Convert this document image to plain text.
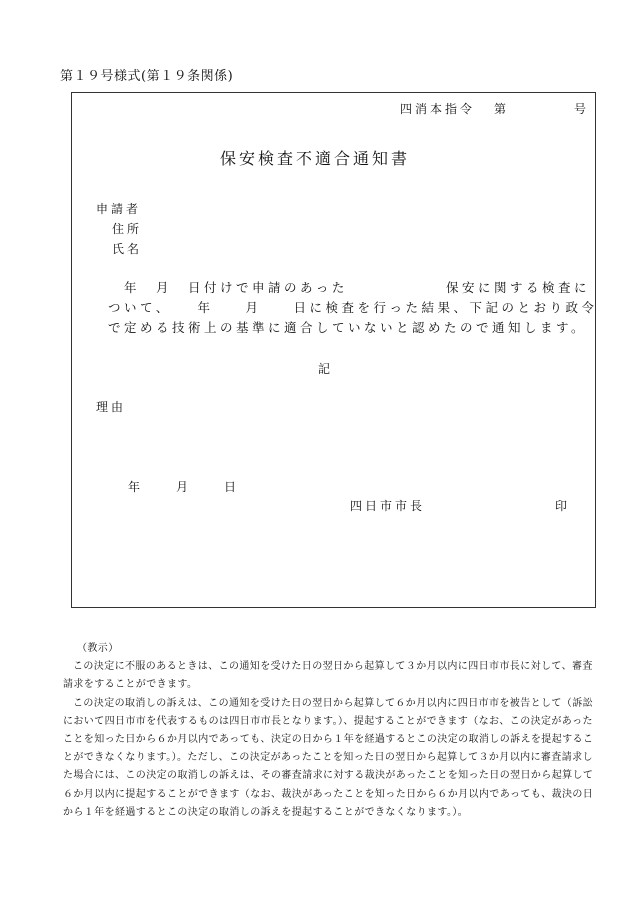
第１９号様式(第１９条関係)
四消本指令 第	号
保安検査不適合通知書
申請者
住所
氏名
年　月　日付けで申請のあった	保安に関する検査に
ついて、　　年　　月　　日に検査を行った結果、下記のとおり政令
で定める技術上の基準に適合していないと認めたので通知します。
記
理由
年	月	日
四日市市長	印

（教示）

この決定に不服のあるときは、この通知を受けた日の翌日から起算して３か月以内に四日市市長に対して、審査請求をすることができます。

この決定の取消しの訴えは、この通知を受けた日の翌日から起算して６か月以内に四日市市を被告として（訴訟において四日市市を代表するものは四日市市長となります。）、提起することができます（なお、この決定があったことを知った日から６か月以内であっても、決定の日から１年を経過するとこの決定の取消しの訴えを提起することができなくなります。）。ただし、この決定があったことを知った日の翌日から起算して３か月以内に審査請求した場合には、この決定の取消しの訴えは、その審査請求に対する裁決があったことを知った日の翌日から起算して６か月以内に提起することができます（なお、裁決があったことを知った日から６か月以内であっても、裁決の日から１年を経過するとこの決定の取消しの訴えを提起することができなくなります。）。
